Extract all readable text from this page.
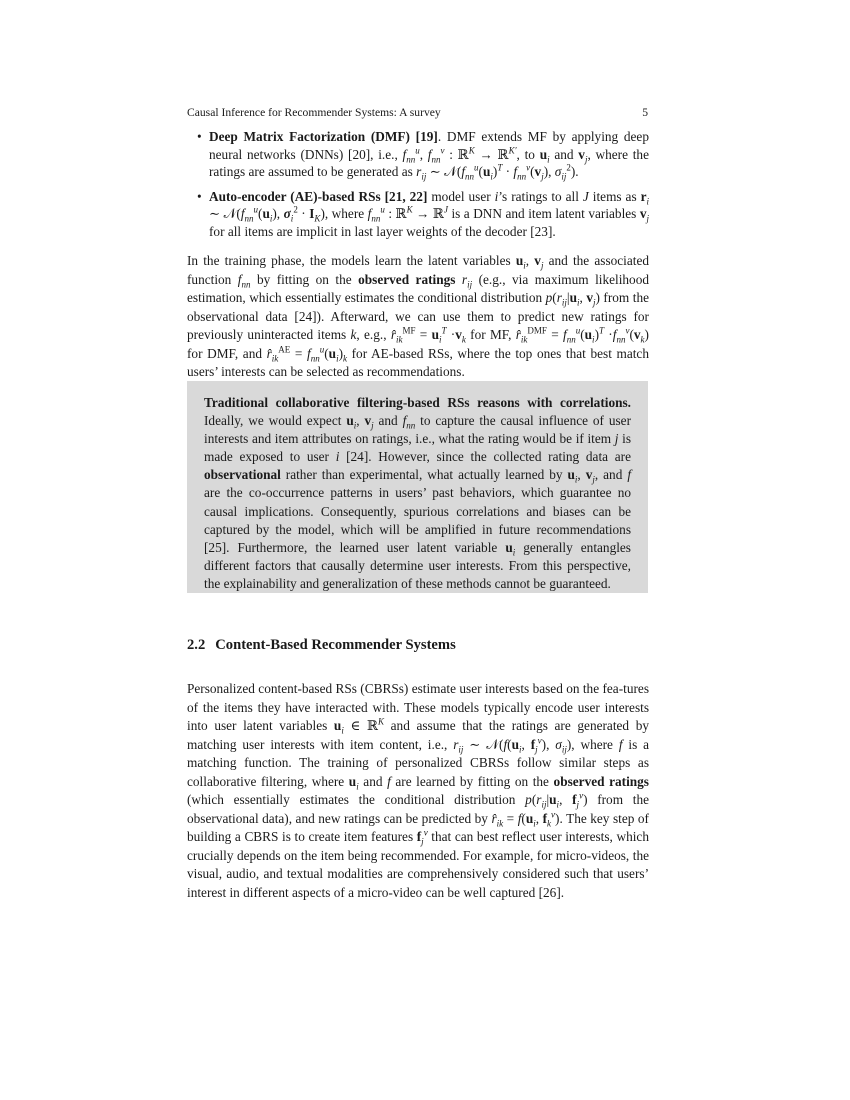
Causal Inference for Recommender Systems: A survey	5
• Deep Matrix Factorization (DMF) [19]. DMF extends MF by applying deep neural networks (DNNs) [20], i.e., $f_{nn}^u$, $f_{nn}^v$ : ℝ$^K$ → ℝ$^{K'}$, to $u_i$ and $v_j$, where the ratings are assumed to be generated as $r_{ij}$ ∼ $𝒩(f_{nn}^u(u_i)^T \cdot f_{nn}^v(v_j)$, $\sigma_{ij}^2$).
• Auto-encoder (AE)-based RSs [21, 22] model user i’s ratings to all J items as $r_i$ ∼ $𝒩(f_{nn}^u(u_i)$, $\sigma_i^2 \cdot I_K$), where $f_{nn}^u$ : ℝ$^K$ → ℝ$^J$ is a DNN and item latent variables $v_j$ for all items are implicit in last layer weights of the decoder [23].

In the training phase, the models learn the latent variables $u_i$, $v_j$ and the associated function $f_{nn}$ by fitting on the observed ratings $r_{ij}$ (e.g., via maximum likelihood estimation, which essentially estimates the conditional distribution $p(r_{ij}|u_i$, $v_j$) from the observational data [24]). Afterward, we can use them to predict new ratings for previously uninteracted items k, e.g., $r̂_{ik}^{MF} = u_i^T \cdot v_k$ for MF, $r̂_{ik}^{DMF} = f_{nn}^u(u_i)^T \cdot f_{nn}^v(v_k)$ for DMF, and $r̂_{ik}^{AE} = f_{nn}^u(u_i)_k$ for AE-based RSs, where the top ones that best match users’ interests can be selected as recommendations.

Traditional collaborative filtering-based RSs reasons with correlations. Ideally, we would expect $u_i$, $v_j$ and $f_{nn}$ to capture the causal influence of user interests and item attributes on ratings, i.e., what the rating would be if item j is made exposed to user i [24]. However, since the collected rating data are observational rather than experimental, what actually learned by $u_i$, $v_j$, and f are the co-occurrence patterns in users’ past behaviors, which guarantee no causal implications. Consequently, spurious correlations and biases can be captured by the model, which will be amplified in future recommendations [25]. Furthermore, the learned user latent variable $u_i$ generally entangles different factors that causally determine user interests. From this perspective, the explainability and generalization of these methods cannot be guaranteed.

2.2 Content-Based Recommender Systems

Personalized content-based RSs (CBRSs) estimate user interests based on the fea-tures of the items they have interacted with. These models typically encode user interests into user latent variables $u_i$ ∈ ℝ$^K$ and assume that the ratings are generated by matching user interests with item content, i.e., $r_{ij}$ ∼ $𝒩(f(u_i$, $f_j^v$), $\sigma_{ij}$), where f is a matching function. The training of personalized CBRSs follow similar steps as collaborative filtering, where $u_i$ and f are learned by fitting on the observed ratings (which essentially estimates the conditional distribution $p(r_{ij}|u_i$, $f_j^v$) from the observational data), and new ratings can be predicted by $r̂_{ik} = f(u_i$, $f_k^v$). The key step of building a CBRS is to create item features $f_j^v$ that can best reflect user interests, which crucially depends on the item being recommended. For example, for micro-videos, the visual, audio, and textual modalities are comprehensively considered such that users’ interest in different aspects of a micro-video can be well captured [26].
